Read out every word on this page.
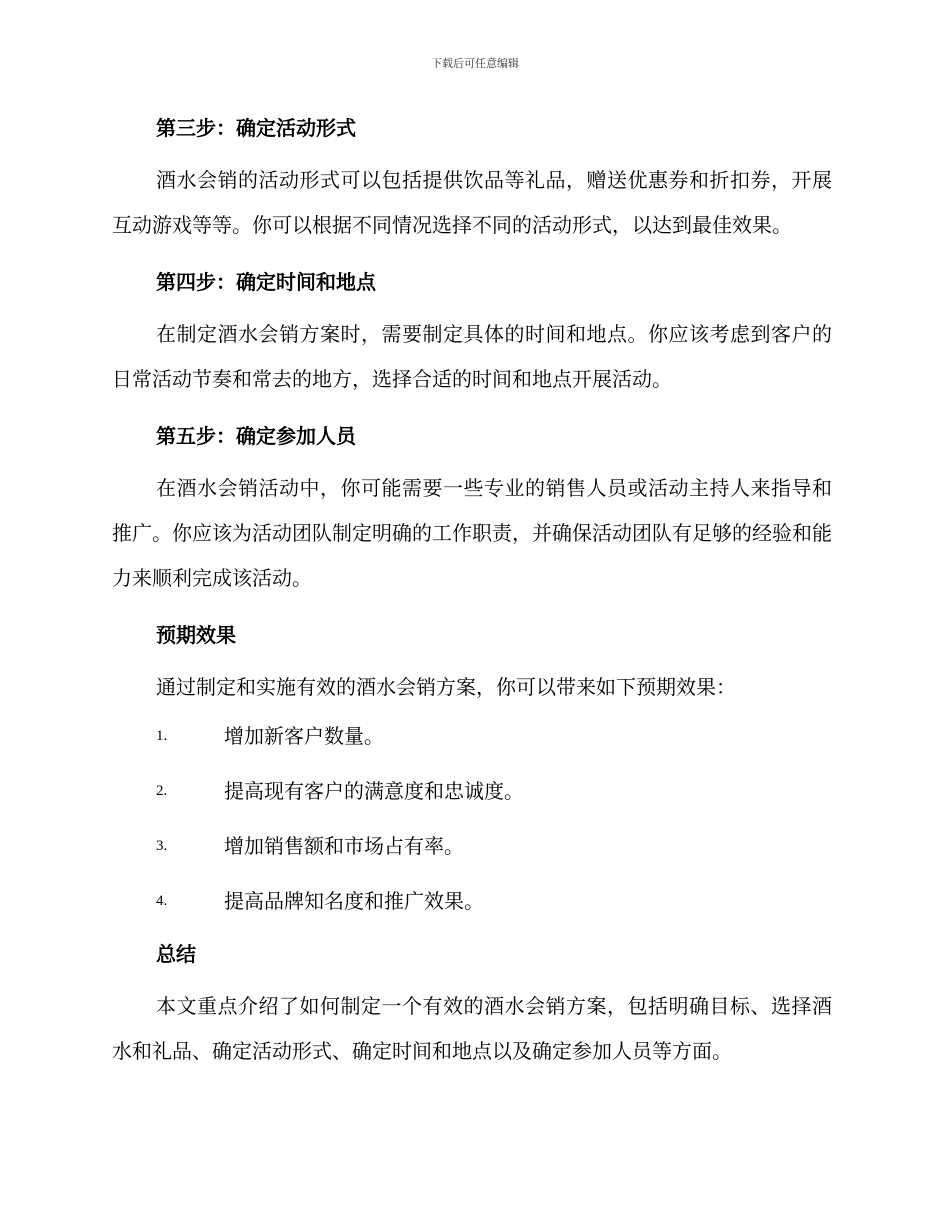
下载后可任意编辑
第三步：确定活动形式

酒水会销的活动形式可以包括提供饮品等礼品，赠送优惠券和折扣券，开展互动游戏等等。你可以根据不同情况选择不同的活动形式，以达到最佳效果。

第四步：确定时间和地点

在制定酒水会销方案时，需要制定具体的时间和地点。你应该考虑到客户的日常活动节奏和常去的地方，选择合适的时间和地点开展活动。

第五步：确定参加人员

在酒水会销活动中，你可能需要一些专业的销售人员或活动主持人来指导和推广。你应该为活动团队制定明确的工作职责，并确保活动团队有足够的经验和能力来顺利完成该活动。

预期效果

通过制定和实施有效的酒水会销方案，你可以带来如下预期效果：

1.	增加新客户数量。
2.	提高现有客户的满意度和忠诚度。
3.	增加销售额和市场占有率。
4.	提高品牌知名度和推广效果。
总结

本文重点介绍了如何制定一个有效的酒水会销方案，包括明确目标、选择酒水和礼品、确定活动形式、确定时间和地点以及确定参加人员等方面。
